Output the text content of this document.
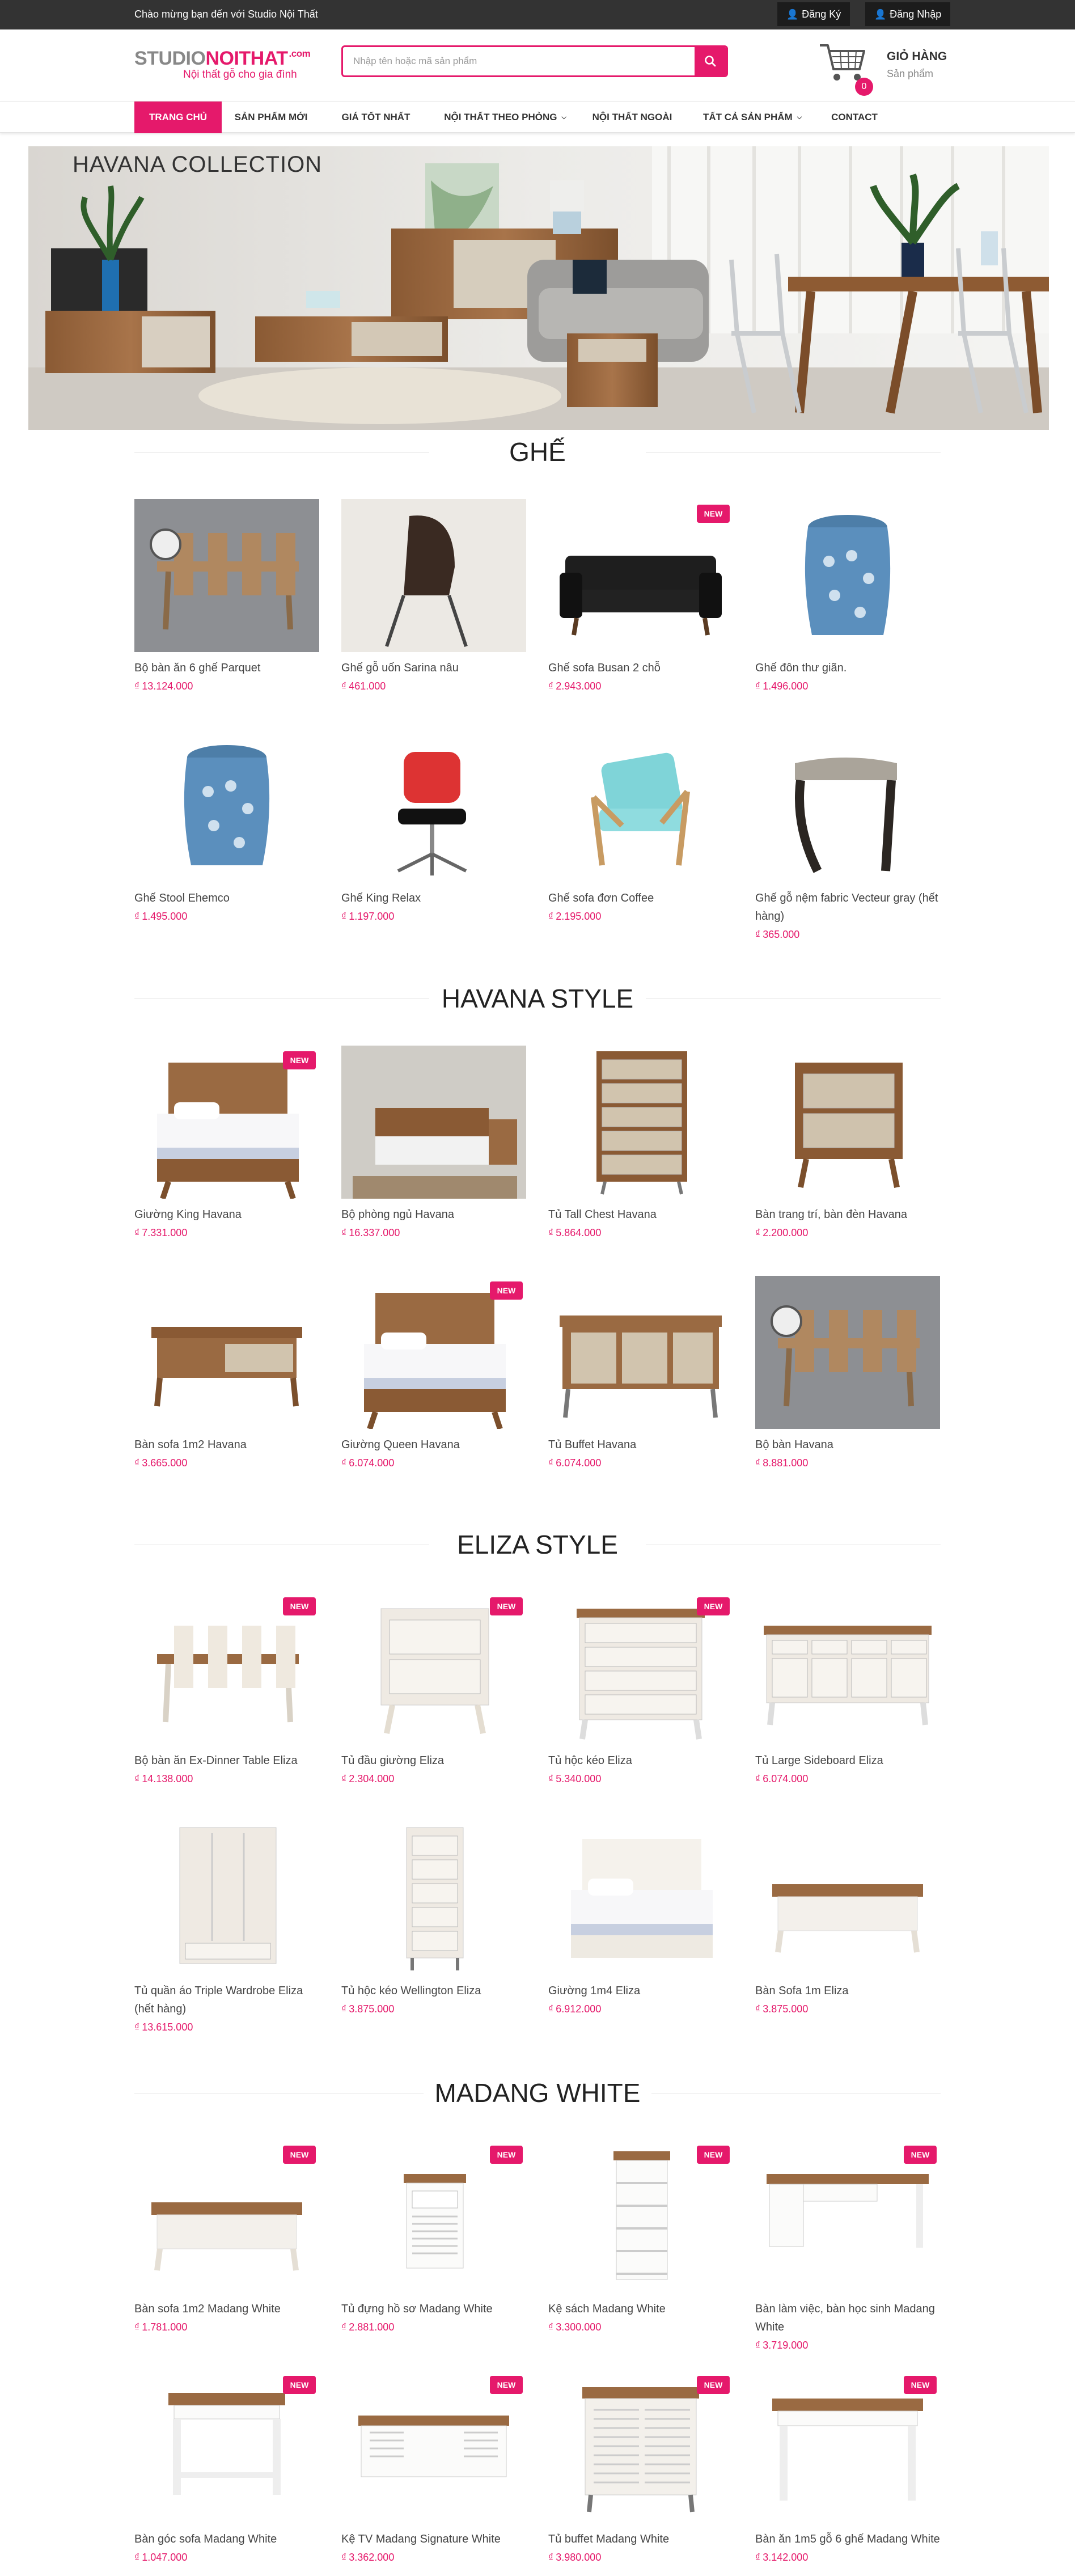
Chào mừng bạn đến với Studio Nội Thất	👤 Đăng Ký	👤 Đăng Nhập
STUDIONOITHAT $^{.com}$
Nội thất gỗ cho gia đình
Nhập tên hoặc mã sản phẩm
0
GIỎ HÀNG
Sản phẩm
TRANG CHỦ	SẢN PHẨM MỚI	GIÁ TỐT NHẤT	NỘI THẤT THEO PHÒNG ⌵	NỘI THẤT NGOÀI	TẤT CẢ SẢN PHẨM ⌵	CONTACT
HAVANA COLLECTION
GHẾ
Bộ bàn ăn 6 ghế Parquet
₫ 13.124.000
Ghế gỗ uốn Sarina nâu
₫ 461.000
NEW
Ghế sofa Busan 2 chỗ
₫ 2.943.000
Ghế đôn thư giãn.
₫ 1.496.000
Ghế Stool Ehemco
₫ 1.495.000
Ghế King Relax
₫ 1.197.000
Ghế sofa đơn Coffee
₫ 2.195.000
Ghế gỗ nệm fabric Vecteur gray (hết hàng)
₫ 365.000
HAVANA STYLE
NEW
Giường King Havana
₫ 7.331.000
Bộ phòng ngủ Havana
₫ 16.337.000
Tủ Tall Chest Havana
₫ 5.864.000
Bàn trang trí, bàn đèn Havana
₫ 2.200.000
Bàn sofa 1m2 Havana
₫ 3.665.000
NEW
Giường Queen Havana
₫ 6.074.000
Tủ Buffet Havana
₫ 6.074.000
Bộ bàn Havana
₫ 8.881.000
ELIZA STYLE
NEW
Bộ bàn ăn Ex-Dinner Table Eliza
₫ 14.138.000
NEW
Tủ đầu giường Eliza
₫ 2.304.000
NEW
Tủ hộc kéo Eliza
₫ 5.340.000
Tủ Large Sideboard Eliza
₫ 6.074.000
Tủ quần áo Triple Wardrobe Eliza (hết hàng)
₫ 13.615.000
Tủ hộc kéo Wellington Eliza
₫ 3.875.000
Giường 1m4 Eliza
₫ 6.912.000
Bàn Sofa 1m Eliza
₫ 3.875.000
MADANG WHITE
NEW
Bàn sofa 1m2 Madang White
₫ 1.781.000
NEW
Tủ đựng hồ sơ Madang White
₫ 2.881.000
NEW
Kệ sách Madang White
₫ 3.300.000
NEW
Bàn làm việc, bàn học sinh Madang White
₫ 3.719.000
NEW
Bàn góc sofa Madang White
₫ 1.047.000
NEW
Kệ TV Madang Signature White
₫ 3.362.000
NEW
Tủ buffet Madang White
₫ 3.980.000
NEW
Bàn ăn 1m5 gỗ 6 ghế Madang White
₫ 3.142.000
